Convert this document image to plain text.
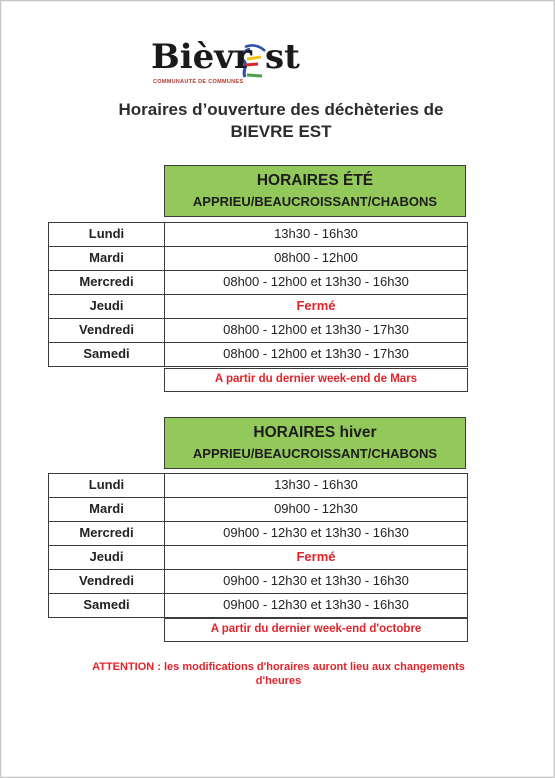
Bièvr st
COMMUNAUTÉ DE COMMUNES
Horaires d’ouverture des déchèteries de
BIEVRE EST
HORAIRES ÉTÉ
APPRIEU/BEAUCROISSANT/CHABONS
Lundi	13h30 - 16h30
Mardi	08h00 - 12h00
Mercredi	08h00 - 12h00 et 13h30 - 16h30
Jeudi	Fermé
Vendredi	08h00 - 12h00 et 13h30 - 17h30
Samedi	08h00 - 12h00 et 13h30 - 17h30
A partir du dernier week-end de Mars
HORAIRES hiver
APPRIEU/BEAUCROISSANT/CHABONS
Lundi	13h30 - 16h30
Mardi	09h00 - 12h30
Mercredi	09h00 - 12h30 et 13h30 - 16h30
Jeudi	Fermé
Vendredi	09h00 - 12h30 et 13h30 - 16h30
Samedi	09h00 - 12h30 et 13h30 - 16h30
A partir du dernier week-end d'octobre
ATTENTION : les modifications d'horaires auront lieu aux changements
d'heures
